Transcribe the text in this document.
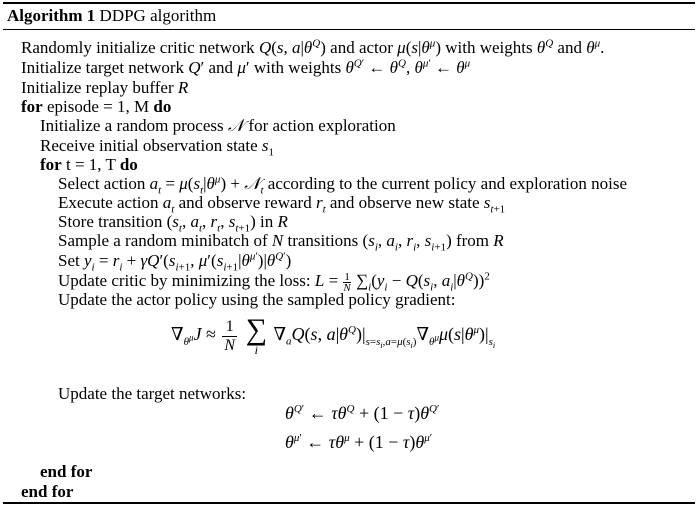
Algorithm 1 DDPG algorithm
Randomly initialize critic network Q(s, $a|\theta^Q$) and actor $\mu(s|\theta^\mu)$ with weights $\theta^Q$ and $\theta^\mu$.
Initialize target network Q′ and μ′ with weights $\theta^{Q'}$ ← $\theta^Q$, $\theta^{\mu'}$ ← $\theta^\mu$
Initialize replay buffer R
for episode = 1, M do
Initialize a random process 𝒩 for action exploration
Receive initial observation state $s_1$
for t = 1, T do
Select action $a_t = \mu(s_t|\theta^\mu)$ + 𝒩$_t$ according to the current policy and exploration noise
Execute action $a_t$ and observe reward $r_t$ and observe new state $s_{t+1}$
Store transition ($s_t$, $a_t$, $r_t$, $s_{t+1}$) in R
Sample a random minibatch of N transitions ($s_i$, $a_i$, $r_i$, $s_{i+1}$) from R
Set $y_i = r_i + \gamma Q'(s_{i+1}$, $\mu'(s_{i+1}|\theta^{\mu'})|\theta^{Q'}$)
Update critic by minimizing the loss: $L = \frac{1}{N} \sum_i(y_i - Q(s_i$, $a_i|\theta^Q))^2$
Update the actor policy using the sampled policy gradient:
$\nabla_{\theta^\mu}J \approx \frac{1}{N}$
∑
i
$\nabla_aQ(s$, $a|\theta^Q)|_{s=s_i,a=\mu(s_i)}\nabla_{\theta^\mu}\mu(s|\theta^\mu)|_{s_i}$
Update the target networks:
$\theta^{Q'}$ ← $\tau\theta^Q + (1 - \tau)\theta^{Q'}$
$\theta^{\mu'}$ ← $\tau\theta^\mu + (1 - \tau)\theta^{\mu'}$
end for
end for
